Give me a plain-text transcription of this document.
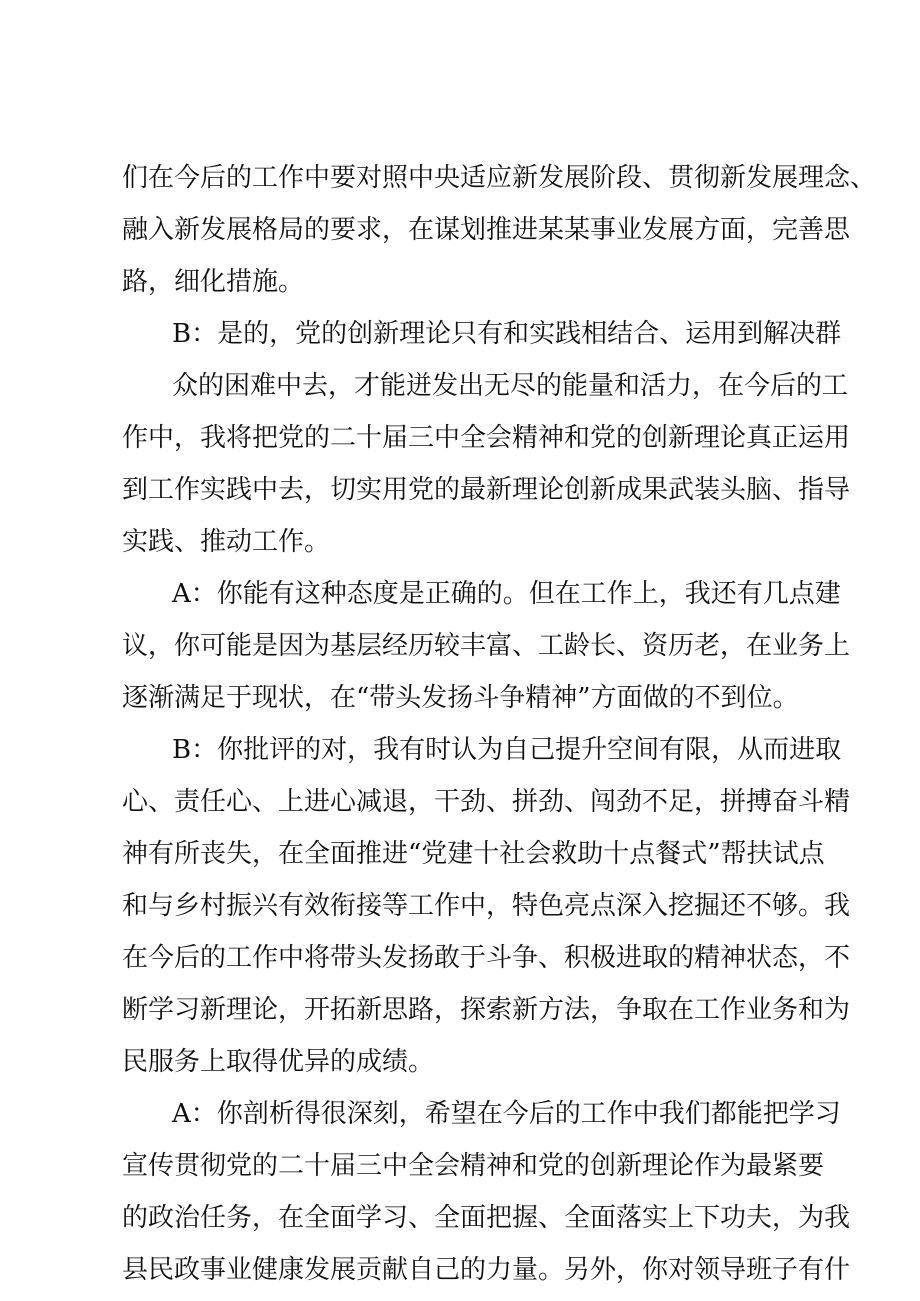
们在今后的工作中要对照中央适应新发展阶段、贯彻新发展理念、
融入新发展格局的要求，在谋划推进某某事业发展方面，完善思
路，细化措施。
B：是的，党的创新理论只有和实践相结合、运用到解决群
众的困难中去，才能迸发出无尽的能量和活力，在今后的工
作中，我将把党的二十届三中全会精神和党的创新理论真正运用
到工作实践中去，切实用党的最新理论创新成果武装头脑、指导
实践、推动工作。
A：你能有这种态度是正确的。但在工作上，我还有几点建
议，你可能是因为基层经历较丰富、工龄长、资历老，在业务上
逐渐满足于现状，在“带头发扬斗争精神”方面做的不到位。
B：你批评的对，我有时认为自己提升空间有限，从而进取
心、责任心、上进心减退，干劲、拼劲、闯劲不足，拼搏奋斗精
神有所丧失，在全面推进“党建十社会救助十点餐式”帮扶试点
和与乡村振兴有效衔接等工作中，特色亮点深入挖掘还不够。我
在今后的工作中将带头发扬敢于斗争、积极进取的精神状态，不
断学习新理论，开拓新思路，探索新方法，争取在工作业务和为
民服务上取得优异的成绩。
A：你剖析得很深刻，希望在今后的工作中我们都能把学习
宣传贯彻党的二十届三中全会精神和党的创新理论作为最紧要
的政治任务，在全面学习、全面把握、全面落实上下功夫，为我
县民政事业健康发展贡献自己的力量。另外，你对领导班子有什
